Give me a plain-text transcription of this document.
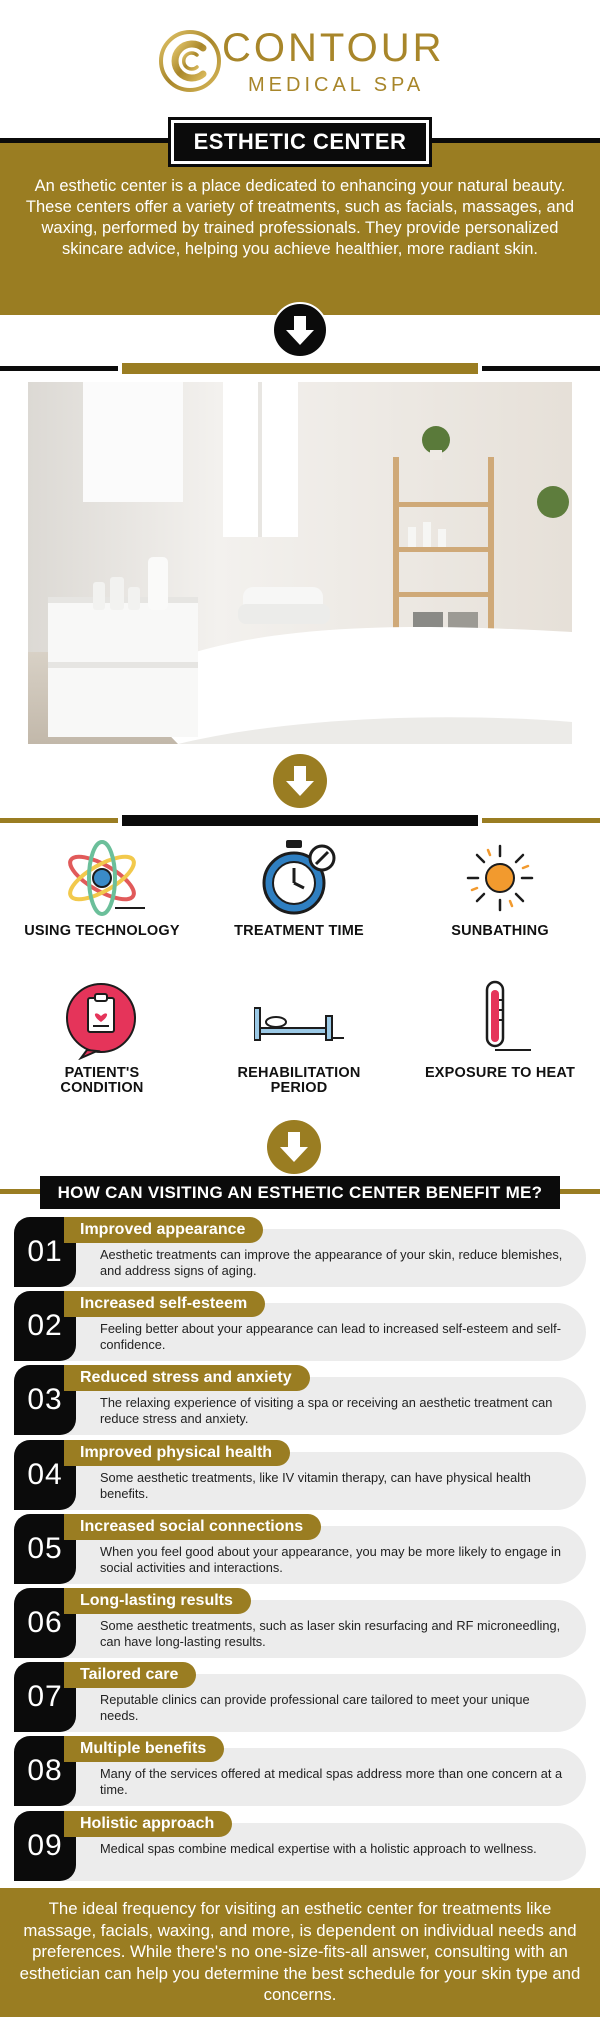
CONTOUR
MEDICAL SPA
ESTHETIC CENTER
An esthetic center is a place dedicated to enhancing your natural beauty. These centers offer a variety of treatments, such as facials, massages, and waxing, performed by trained professionals. They provide personalized skincare advice, helping you achieve healthier, more radiant skin.
USING TECHNOLOGY	TREATMENT TIME	SUNBATHING
PATIENT'S CONDITION
REHABILITATION PERIOD
EXPOSURE TO HEAT
HOW CAN VISITING AN ESTHETIC CENTER BENEFIT ME?
01
Improved appearance
Aesthetic treatments can improve the appearance of your skin, reduce blemishes, and address signs of aging.
02
Increased self-esteem
Feeling better about your appearance can lead to increased self-esteem and self-confidence.
03
Reduced stress and anxiety
The relaxing experience of visiting a spa or receiving an aesthetic treatment can reduce stress and anxiety.
04
Improved physical health
Some aesthetic treatments, like IV vitamin therapy, can have physical health benefits.
05
Increased social connections
When you feel good about your appearance, you may be more likely to engage in social activities and interactions.
06
Long-lasting results
Some aesthetic treatments, such as laser skin resurfacing and RF microneedling, can have long-lasting results.
07
Tailored care
Reputable clinics can provide professional care tailored to meet your unique needs.
08
Multiple benefits
Many of the services offered at medical spas address more than one concern at a time.
09
Holistic approach
Medical spas combine medical expertise with a holistic approach to wellness.
The ideal frequency for visiting an esthetic center for treatments like massage, facials, waxing, and more, is dependent on individual needs and preferences. While there's no one-size-fits-all answer, consulting with an esthetician can help you determine the best schedule for your skin type and concerns.
